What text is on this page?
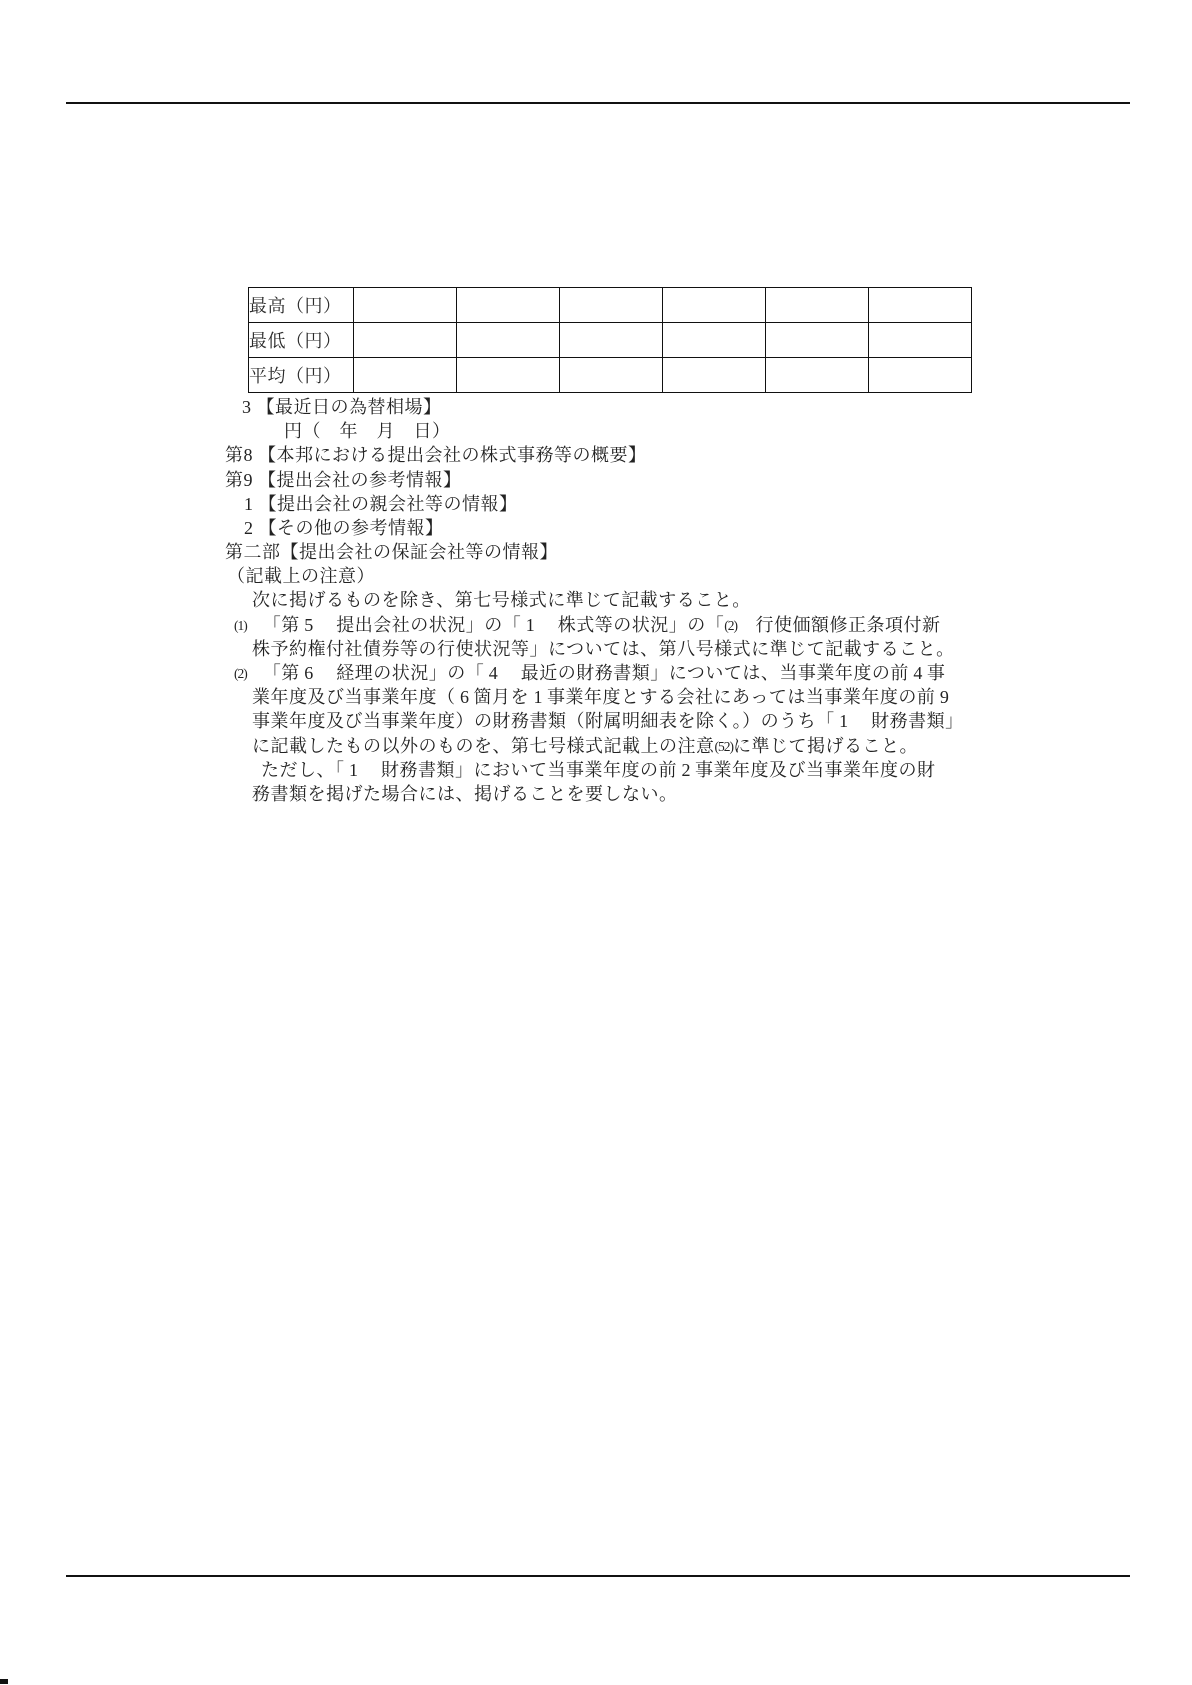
最高（円）						
最低（円）						
平均（円）						
3 【最近日の為替相場】
円（　年　月　日）
第8 【本邦における提出会社の株式事務等の概要】
第9 【提出会社の参考情報】
1 【提出会社の親会社等の情報】
2 【その他の参考情報】
第二部【提出会社の保証会社等の情報】
（記載上の注意）
次に掲げるものを除き、第七号様式に準じて記載すること。
(1) 「第 5　提出会社の状況」の「 1　株式等の状況」の「(2)　行使価額修正条項付新
株予約権付社債券等の行使状況等」については、第八号様式に準じて記載すること。
(2) 「第 6　経理の状況」の「 4　最近の財務書類」については、当事業年度の前 4 事
業年度及び当事業年度（ 6 箇月を 1 事業年度とする会社にあっては当事業年度の前 9
事業年度及び当事業年度）の財務書類（附属明細表を除く。）のうち「 1　財務書類」
に記載したもの以外のものを、第七号様式記載上の注意(52)に準じて掲げること。
ただし、「 1　財務書類」において当事業年度の前 2 事業年度及び当事業年度の財
務書類を掲げた場合には、掲げることを要しない。
